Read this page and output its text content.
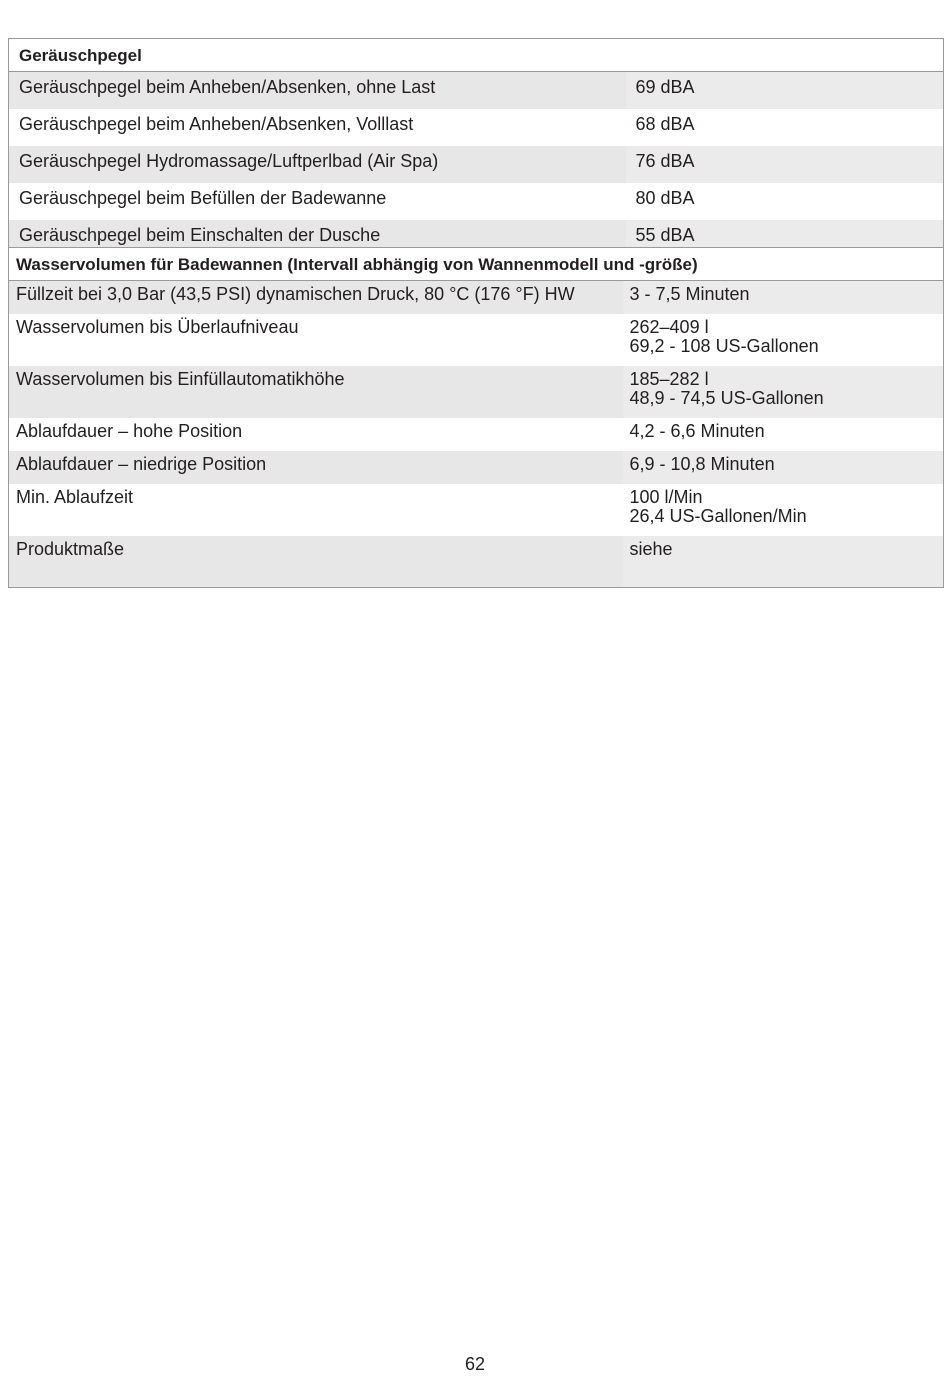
Geräuschpegel	
Geräuschpegel beim Anheben/Absenken, ohne Last	69 dBA
Geräuschpegel beim Anheben/Absenken, Volllast	68 dBA
Geräuschpegel Hydromassage/Luftperlbad (Air Spa)	76 dBA
Geräuschpegel beim Befüllen der Badewanne	80 dBA
Geräuschpegel beim Einschalten der Dusche	55 dBA
Wasservolumen für Badewannen (Intervall abhängig von Wannenmodell und -größe)	
Füllzeit bei 3,0 Bar (43,5 PSI) dynamischen Druck, 80 °C (176 °F) HW	3 - 7,5 Minuten

Wasservolumen bis Überlaufniveau	262–409 l
69,2 - 108 US-Gallonen

Wasservolumen bis Einfüllautomatikhöhe	185–282 l
48,9 - 74,5 US-Gallonen

Ablaufdauer – hohe Position	4,2 - 6,6 Minuten

Ablaufdauer – niedrige Position	6,9 - 10,8 Minuten

Min. Ablaufzeit	100 l/Min
26,4 US-Gallonen/Min

Produktmaße	siehe
62
